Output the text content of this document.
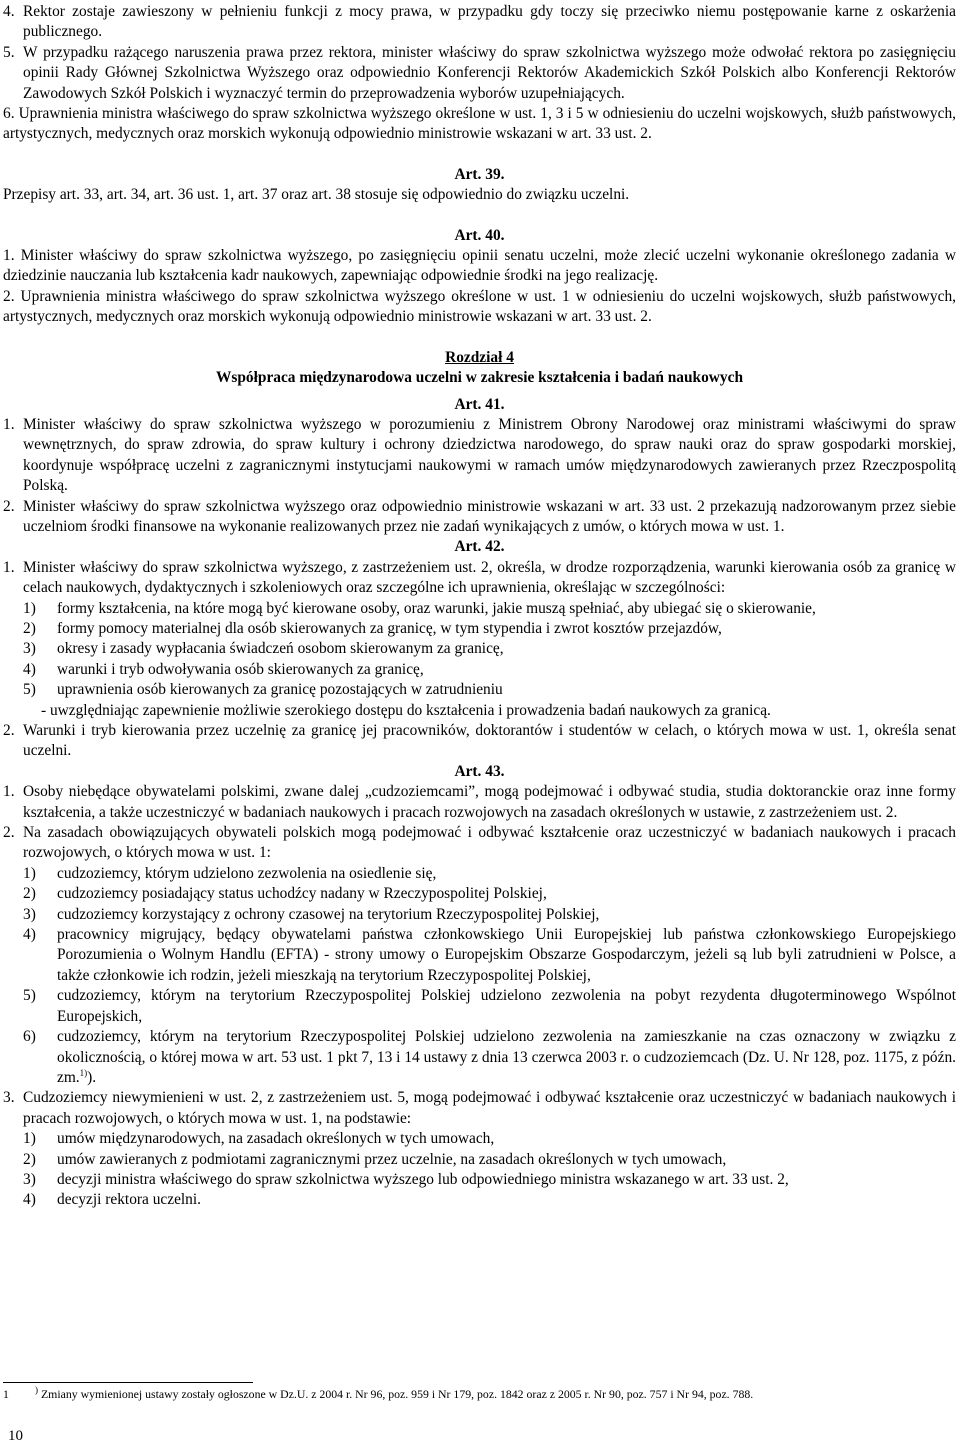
4. Rektor zostaje zawieszony w pełnieniu funkcji z mocy prawa, w przypadku gdy toczy się przeciwko niemu postępowanie karne z oskarżenia publicznego.
5. W przypadku rażącego naruszenia prawa przez rektora, minister właściwy do spraw szkolnictwa wyższego może odwołać rektora po zasięgnięciu opinii Rady Głównej Szkolnictwa Wyższego oraz odpowiednio Konferencji Rektorów Akademickich Szkół Polskich albo Konferencji Rektorów Zawodowych Szkół Polskich i wyznaczyć termin do przeprowadzenia wyborów uzupełniających.
6. Uprawnienia ministra właściwego do spraw szkolnictwa wyższego określone w ust. 1, 3 i 5 w odniesieniu do uczelni wojskowych, służb państwowych, artystycznych, medycznych oraz morskich wykonują odpowiednio ministrowie wskazani w art. 33 ust. 2.
Art. 39.
Przepisy art. 33, art. 34, art. 36 ust. 1, art. 37 oraz art. 38 stosuje się odpowiednio do związku uczelni.
Art. 40.
1. Minister właściwy do spraw szkolnictwa wyższego, po zasięgnięciu opinii senatu uczelni, może zlecić uczelni wykonanie określonego zadania w dziedzinie nauczania lub kształcenia kadr naukowych, zapewniając odpowiednie środki na jego realizację.
2. Uprawnienia ministra właściwego do spraw szkolnictwa wyższego określone w ust. 1 w odniesieniu do uczelni wojskowych, służb państwowych, artystycznych, medycznych oraz morskich wykonują odpowiednio ministrowie wskazani w art. 33 ust. 2.
Rozdział 4
Współpraca międzynarodowa uczelni w zakresie kształcenia i badań naukowych
Art. 41.
1. Minister właściwy do spraw szkolnictwa wyższego w porozumieniu z Ministrem Obrony Narodowej oraz ministrami właściwymi do spraw wewnętrznych, do spraw zdrowia, do spraw kultury i ochrony dziedzictwa narodowego, do spraw nauki oraz do spraw gospodarki morskiej, koordynuje współpracę uczelni z zagranicznymi instytucjami naukowymi w ramach umów międzynarodowych zawieranych przez Rzeczpospolitą Polską.
2. Minister właściwy do spraw szkolnictwa wyższego oraz odpowiednio ministrowie wskazani w art. 33 ust. 2 przekazują nadzorowanym przez siebie uczelniom środki finansowe na wykonanie realizowanych przez nie zadań wynikających z umów, o których mowa w ust. 1.
Art. 42.
1. Minister właściwy do spraw szkolnictwa wyższego, z zastrzeżeniem ust. 2, określa, w drodze rozporządzenia, warunki kierowania osób za granicę w celach naukowych, dydaktycznych i szkoleniowych oraz szczególne ich uprawnienia, określając w szczególności:
1)	formy kształcenia, na które mogą być kierowane osoby, oraz warunki, jakie muszą spełniać, aby ubiegać się o skierowanie,
2)	formy pomocy materialnej dla osób skierowanych za granicę, w tym stypendia i zwrot kosztów przejazdów,
3)	okresy i zasady wypłacania świadczeń osobom skierowanym za granicę,
4)	warunki i tryb odwoływania osób skierowanych za granicę,
5)	uprawnienia osób kierowanych za granicę pozostających w zatrudnieniu
- uwzględniając zapewnienie możliwie szerokiego dostępu do kształcenia i prowadzenia badań naukowych za granicą.
2. Warunki i tryb kierowania przez uczelnię za granicę jej pracowników, doktorantów i studentów w celach, o których mowa w ust. 1, określa senat uczelni.
Art. 43.
1. Osoby niebędące obywatelami polskimi, zwane dalej „cudzoziemcami”, mogą podejmować i odbywać studia, studia doktoranckie oraz inne formy kształcenia, a także uczestniczyć w badaniach naukowych i pracach rozwojowych na zasadach określonych w ustawie, z zastrzeżeniem ust. 2.
2. Na zasadach obowiązujących obywateli polskich mogą podejmować i odbywać kształcenie oraz uczestniczyć w badaniach naukowych i pracach rozwojowych, o których mowa w ust. 1:
1)	cudzoziemcy, którym udzielono zezwolenia na osiedlenie się,
2)	cudzoziemcy posiadający status uchodźcy nadany w Rzeczypospolitej Polskiej,
3)	cudzoziemcy korzystający z ochrony czasowej na terytorium Rzeczypospolitej Polskiej,
4)	pracownicy migrujący, będący obywatelami państwa członkowskiego Unii Europejskiej lub państwa członkowskiego Europejskiego Porozumienia o Wolnym Handlu (EFTA) - strony umowy o Europejskim Obszarze Gospodarczym, jeżeli są lub byli zatrudnieni w Polsce, a także członkowie ich rodzin, jeżeli mieszkają na terytorium Rzeczypospolitej Polskiej,
5)	cudzoziemcy, którym na terytorium Rzeczypospolitej Polskiej udzielono zezwolenia na pobyt rezydenta długoterminowego Wspólnot Europejskich,
6)	cudzoziemcy, którym na terytorium Rzeczypospolitej Polskiej udzielono zezwolenia na zamieszkanie na czas oznaczony w związku z okolicznością, o której mowa w art. 53 ust. 1 pkt 7, 13 i 14 ustawy z dnia 13 czerwca 2003 r. o cudzoziemcach (Dz. U. Nr 128, poz. 1175, z późn. zm.$^{1)}$).
3. Cudzoziemcy niewymienieni w ust. 2, z zastrzeżeniem ust. 5, mogą podejmować i odbywać kształcenie oraz uczestniczyć w badaniach naukowych i pracach rozwojowych, o których mowa w ust. 1, na podstawie:
1)	umów międzynarodowych, na zasadach określonych w tych umowach,
2)	umów zawieranych z podmiotami zagranicznymi przez uczelnie, na zasadach określonych w tych umowach,
3)	decyzji ministra właściwego do spraw szkolnictwa wyższego lub odpowiedniego ministra wskazanego w art. 33 ust. 2,
4)	decyzji rektora uczelni.
1	) Zmiany wymienionej ustawy zostały ogłoszone w Dz.U. z 2004 r. Nr 96, poz. 959 i Nr 179, poz. 1842 oraz z 2005 r. Nr 90, poz. 757 i Nr 94, poz. 788.
10
